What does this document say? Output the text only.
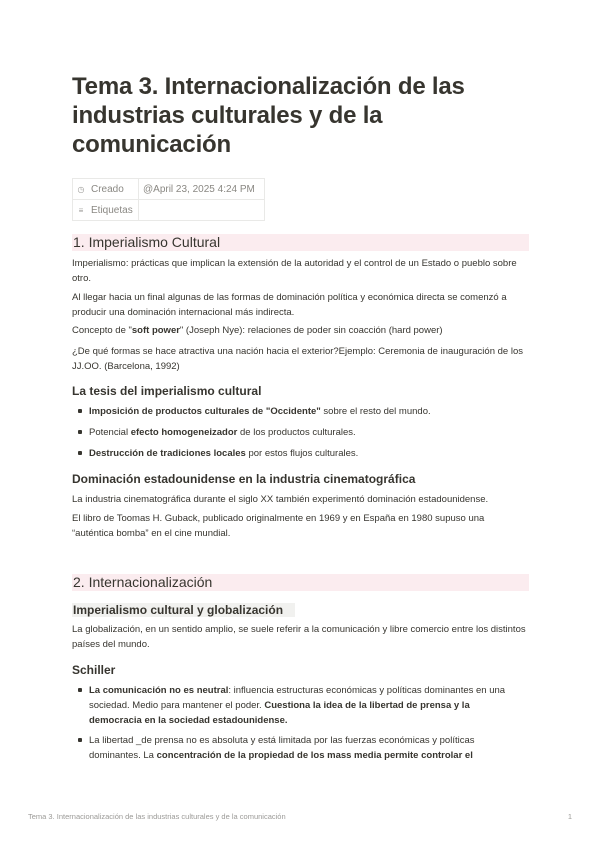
Tema 3. Internacionalización de las industrias culturales y de la comunicación
◷ Creado	@April 23, 2025 4:24 PM
≡ Etiquetas	
1. Imperialismo Cultural

Imperialismo: prácticas que implican la extensión de la autoridad y el control de un Estado o pueblo sobre otro.

Al llegar hacia un final algunas de las formas de dominación política y económica directa se comenzó a producir una dominación internacional más indirecta.

Concepto de "soft power" (Joseph Nye): relaciones de poder sin coacción (hard power)

¿De qué formas se hace atractiva una nación hacia el exterior?Ejemplo: Ceremonia de inauguración de los JJ.OO. (Barcelona, 1992)

La tesis del imperialismo cultural
Imposición de productos culturales de "Occidente" sobre el resto del mundo.
Potencial efecto homogeneizador de los productos culturales.
Destrucción de tradiciones locales por estos flujos culturales.
Dominación estadounidense en la industria cinematográfica

La industria cinematográfica durante el siglo XX también experimentó dominación estadounidense.

El libro de Toomas H. Guback, publicado originalmente en 1969 y en España en 1980 supuso una “auténtica bomba” en el cine mundial.

2. Internacionalización
Imperialismo cultural y globalización

La globalización, en un sentido amplio, se suele referir a la comunicación y libre comercio entre los distintos países del mundo.

Schiller
La comunicación no es neutral: influencia estructuras económicas y políticas dominantes en una sociedad. Medio para mantener el poder. Cuestiona la idea de la libertad de prensa y la democracia en la sociedad estadounidense.
La libertad _de prensa no es absoluta y está limitada por las fuerzas económicas y políticas dominantes. La concentración de la propiedad de los mass media permite controlar el
Tema 3. Internacionalización de las industrias culturales y de la comunicación	1
